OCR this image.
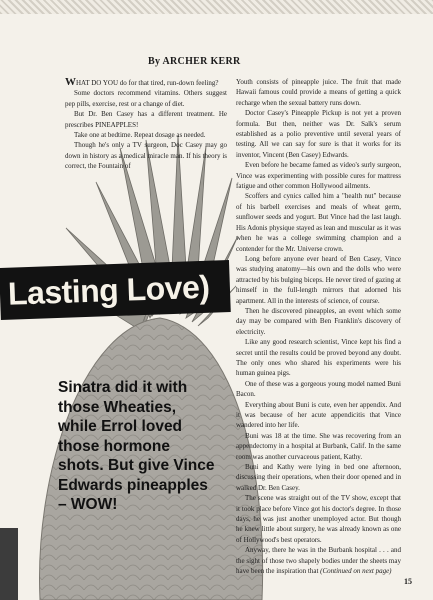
By ARCHER KERR
Lasting Love)
Sinatra did it with those Wheaties, while Errol loved those hormone shots. But give Vince Edwards pineapples – WOW!

WHAT DO YOU do for that tired, run-down feeling?

Some doctors recommend vitamins. Others suggest pep pills, exercise, rest or a change of diet.

But Dr. Ben Casey has a different treatment. He prescribes PINEAPPLES!

Take one at bedtime. Repeat dosage as needed.

Though he's only a TV surgeon, Doc Casey may go down in history as a medical miracle man. If his theory is correct, the Fountain of

Youth consists of pineapple juice. The fruit that made Hawaii famous could provide a means of getting a quick recharge when the sexual battery runs down.

Doctor Casey's Pineapple Pickup is not yet a proven formula. But then, neither was Dr. Salk's serum established as a polio preventive until several years of testing. All we can say for sure is that it works for its inventor, Vincent (Ben Casey) Edwards.

Even before he became famed as video's surly surgeon, Vince was experimenting with possible cures for mattress fatigue and other common Hollywood ailments.

Scoffers and cynics called him a "health nut" because of his barbell exercises and meals of wheat germ, sunflower seeds and yogurt. But Vince had the last laugh. His Adonis physique stayed as lean and muscular as it was when he was a college swimming champion and a contender for the Mr. Universe crown.

Long before anyone ever heard of Ben Casey, Vince was studying anatomy—his own and the dolls who were attracted by his bulging biceps. He never tired of gazing at himself in the full-length mirrors that adorned his apartment. All in the interests of science, of course.

Then he discovered pineapples, an event which some day may be compared with Ben Franklin's discovery of electricity.

Like any good research scientist, Vince kept his find a secret until the results could be proved beyond any doubt. The only ones who shared his experiments were his human guinea pigs.

One of these was a gorgeous young model named Buni Bacon.

Everything about Buni is cute, even her appendix. And it was because of her acute appendicitis that Vince wandered into her life.

Buni was 18 at the time. She was recovering from an appendectomy in a hospital at Burbank, Calif. In the same room was another curvaceous patient, Kathy.

Buni and Kathy were lying in bed one afternoon, discussing their operations, when their door opened and in walked Dr. Ben Casey.

The scene was straight out of the TV show, except that it took place before Vince got his doctor's degree. In those days, he was just another unemployed actor. But though he knew little about surgery, he was already known as one of Hollywood's best operators.

Anyway, there he was in the Burbank hospital . . . and the sight of those two shapely bodies under the sheets may have been the inspiration that (Continued on next page)

15
